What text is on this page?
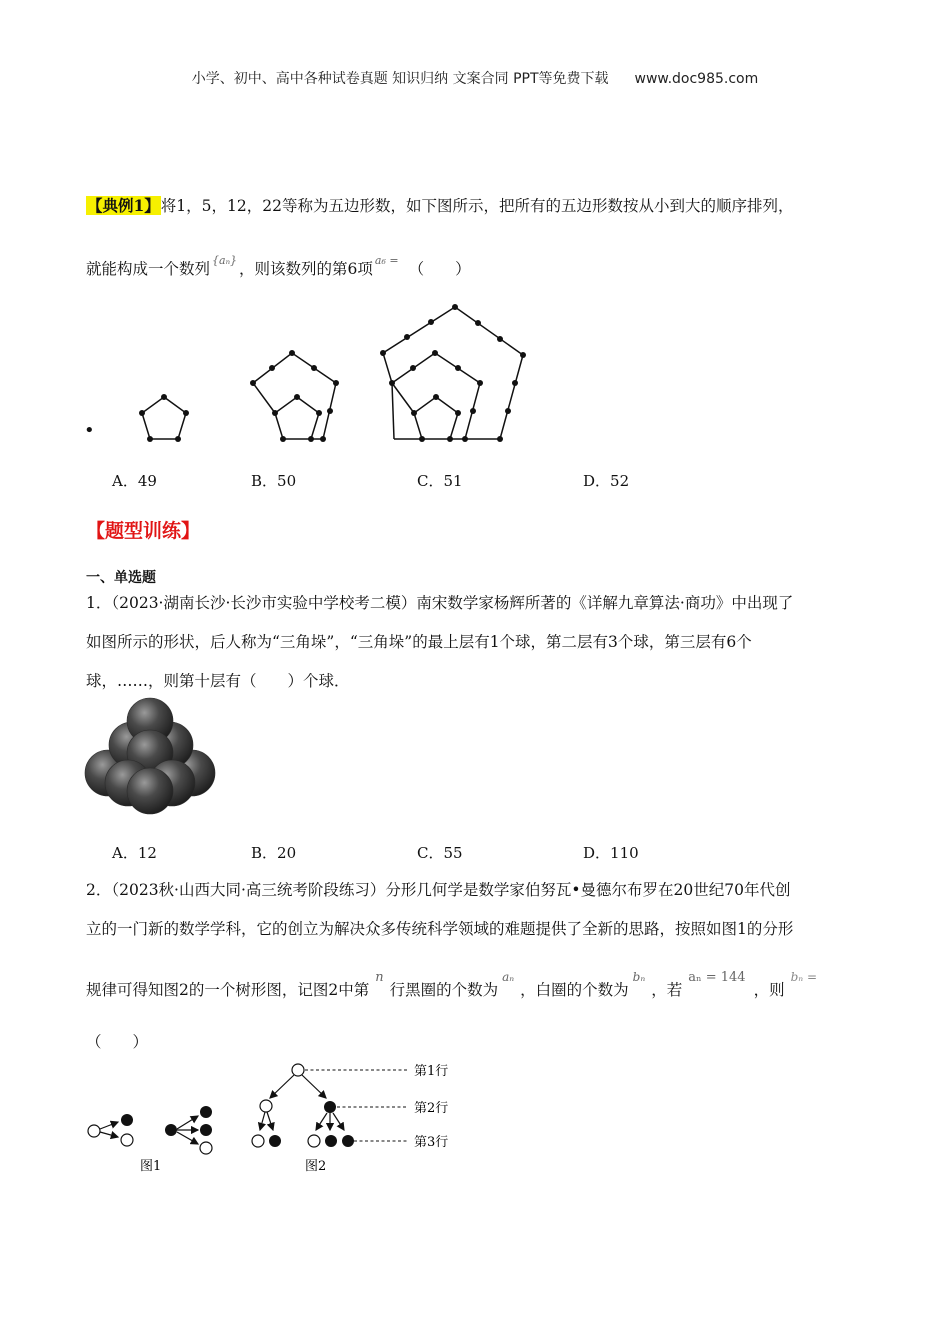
小学、初中、高中各种试卷真题 知识归纳 文案合同 PPT等免费下载 www.doc985.com
【典例1】将1，5，12，22等称为五边形数，如下图所示，把所有的五边形数按从小到大的顺序排列，
就能构成一个数列 $^{\{a_n\}}$ ，则该数列的第6项 $^{a_6 =}$ （　　）
•
A．49	B．50	C．51	D．52
【题型训练】
一、单选题
1．（2023·湖南长沙·长沙市实验中学校考二模）南宋数学家杨辉所著的《详解九章算法·商功》中出现了
如图所示的形状，后人称为“三角垛”，“三角垛”的最上层有1个球，第二层有3个球，第三层有6个
球，……，则第十层有（　　）个球．
A．12	B．20	C．55	D．110
2．（2023秋·山西大同·高三统考阶段练习）分形几何学是数学家伯努瓦•曼德尔布罗在20世纪70年代创
立的一门新的数学学科，它的创立为解决众多传统科学领域的难题提供了全新的思路，按照如图1的分形
规律可得知图2的一个树形图，记图2中第$^n$行黑圈的个数为$^{a_n}$，白圈的个数为$^{b_n}$，若$^{a_n = 144}$，则$^{b_n =}$
（　　）
第1行
第2行
第3行
图1	图2
